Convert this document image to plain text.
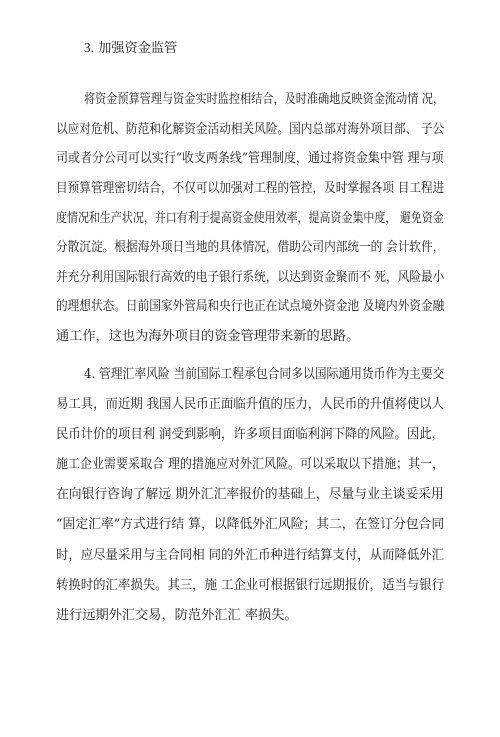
3. 加强资金监管
将资金预算管理与资金实时监控相结合，及时准确地反映资金流动情 况，
以应对危机、防范和化解资金活动相关风险。国内总部对海外项目部、 子公
司或者分公司可以实行“收支两条线”管理制度，通过将资金集中管 理与项
目预算管理密切结合，不仅可以加强对工程的管控，及时掌握各项 目工程进
度情况和生产状况，并口有利于提高资金使用效率，提高资金集中度， 避免资金
分散沉淀。根据海外项日当地的具体情况，借助公司内部统一的 会计软件，
并充分利用国际银行高效的电子银行系统，以达到资金聚而不 死，风险最小
的理想状态。日前国家外管局和央行也正在试点境外资金池 及境内外资金融
通工作，这也为海外项目的资金管理带来新的思路。
4. 管理汇率风险 当前国际工程承包合同多以国际通用货币作为主要交
易工具，而近期 我国人民币正面临升值的压力，人民币的升值将使以人
民币计价的项目利 润受到影响，许多项目面临利润下降的风险。因此，
施工企业需要采取合 理的措施应对外汇风险。可以采取以下措施；其一，
在向银行咨询了解远 期外汇汇率报价的基础上，尽量与业主谈妥采用
“固定汇率”方式进行结 算，以降低外汇风险；其二，在签订分包合同
时，应尽量采用与主合同相 同的外汇币种进行结算支付，从而降低外汇
转换时的汇率损失。其三，施 工企业可根据银行远期报价，适当与银行
进行远期外汇交易，防范外汇汇 率损失。
